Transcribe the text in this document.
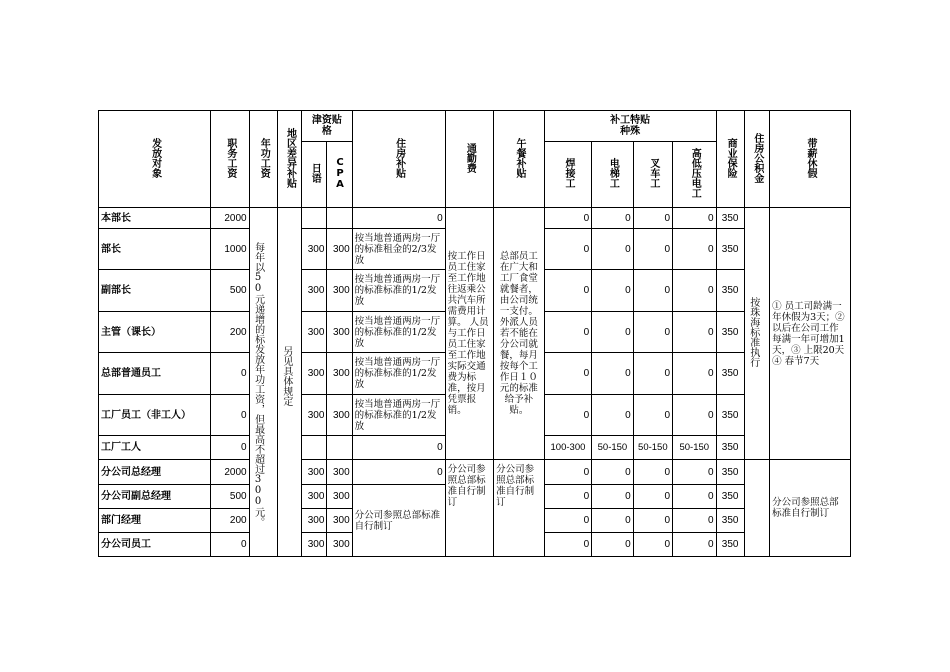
发放对象	职务工资	年功工资	地区差异补贴	津资贴格		住房补贴	通勤费	午餐补贴	补工特贴种殊				商业保险	住房公积金	带薪休假
				日语	CPA				焊接工	电梯工	叉车工	高低压电工			
本部长	2000	每年以50元递增的标发放年功工资，但最高不超过300元。	另见具体规定			0	按工作日员工住家至工作地往返乘公共汽车所需费用计算。 人员与工作日员工住家至工作地实际交通费为标准，按月凭票报销。	总部员工在广大和工厂食堂就餐者，由公司统一支付。 外派人员若不能在分公司就餐，每月按每个工作日１０元的标准给予补贴。	0	0	0	0	350	按珠海标准执行	① 员工司龄满一年休假为3天；②以后在公司工作每满一年可增加1天，③ 上限20天④ 春节7天
部长	1000			300	300	按当地普通两房一厅的标准租金的2/3发放			0	0	0	0	350		
副部长	500			300	300	按当地普通两房一厅的标准标准的1/2发放			0	0	0	0	350		
主管（课长）	200			300	300	按当地普通两房一厅的标准标准的1/2发放			0	0	0	0	350		
总部普通员工	0			300	300	按当地普通两房一厅的标准标准的1/2发放			0	0	0	0	350		
工厂员工（非工人）	0			300	300	按当地普通两房一厅的标准标准的1/2发放			0	0	0	0	350		
工厂工人	0					0			100-300	50-150	50-150	50-150	350		
分公司总经理	2000			300	300	0	分公司参照总部标准自行制订	分公司参照总部标准自行制订	0	0	0	0	350		分公司参照总部标准自行制订
分公司副总经理	500			300	300	分公司参照总部标准自行制订			0	0	0	0	350		
部门经理	200			300	300				0	0	0	0	350		
分公司员工	0			300	300				0	0	0	0	350		
